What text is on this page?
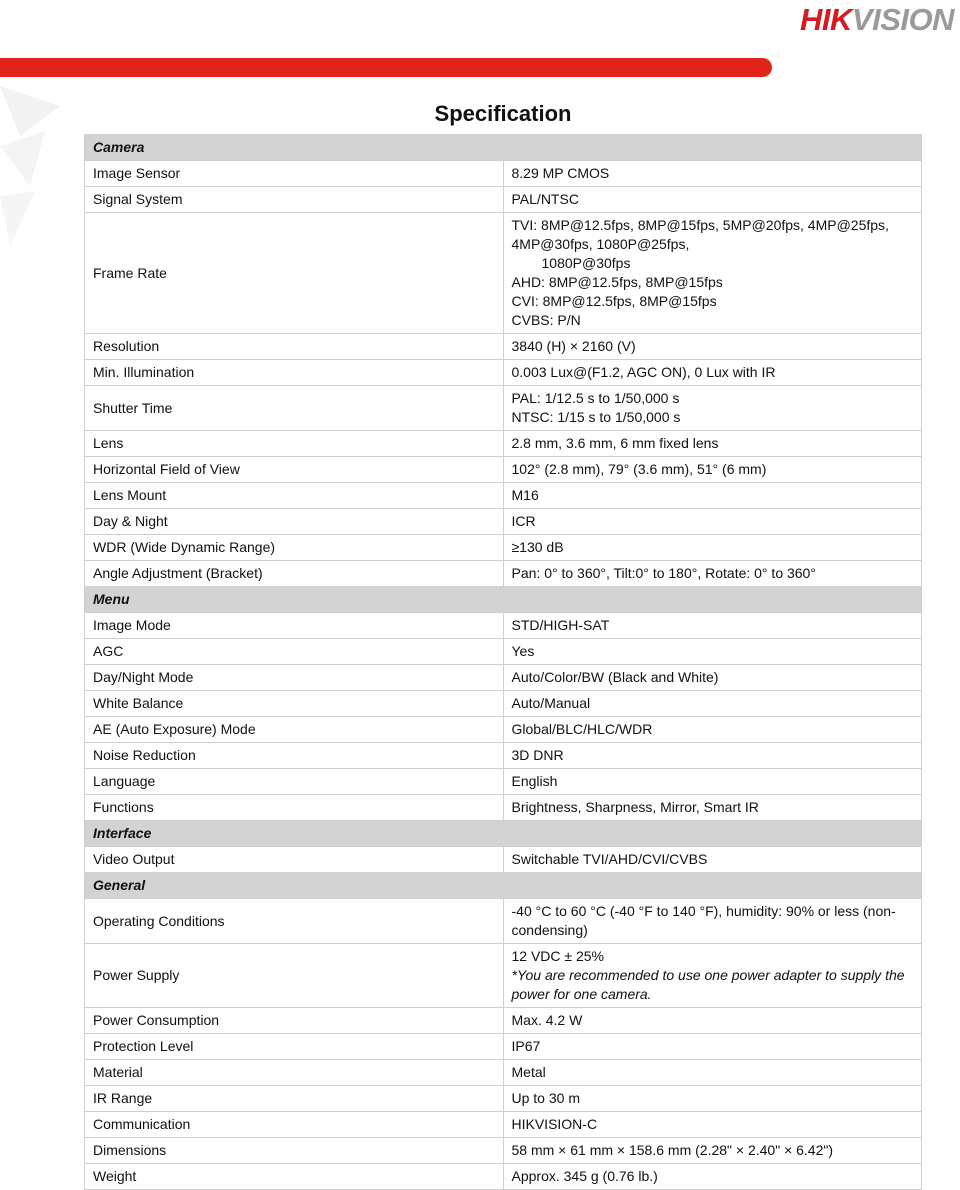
HIKVISION
Specification
Camera	
Image Sensor	8.29 MP CMOS

Signal System	PAL/NTSC

Frame Rate	TVI: 8MP@12.5fps, 8MP@15fps, 5MP@20fps, 4MP@25fps, 4MP@30fps, 1080P@25fps,
1080P@30fps
AHD: 8MP@12.5fps, 8MP@15fps
CVI: 8MP@12.5fps, 8MP@15fps
CVBS: P/N

Resolution	3840 (H) × 2160 (V)

Min. Illumination	0.003 Lux@(F1.2, AGC ON), 0 Lux with IR

Shutter Time	PAL: 1/12.5 s to 1/50,000 s
NTSC: 1/15 s to 1/50,000 s

Lens	2.8 mm, 3.6 mm, 6 mm fixed lens

Horizontal Field of View	102° (2.8 mm), 79° (3.6 mm), 51° (6 mm)

Lens Mount	M16

Day & Night	ICR

WDR (Wide Dynamic Range)	≥130 dB

Angle Adjustment (Bracket)	Pan: 0° to 360°, Tilt:0° to 180°, Rotate: 0° to 360°

Menu	
Image Mode	STD/HIGH-SAT

AGC	Yes

Day/Night Mode	Auto/Color/BW (Black and White)

White Balance	Auto/Manual

AE (Auto Exposure) Mode	Global/BLC/HLC/WDR

Noise Reduction	3D DNR

Language	English

Functions	Brightness, Sharpness, Mirror, Smart IR

Interface	
Video Output	Switchable TVI/AHD/CVI/CVBS

General	
Operating Conditions	-40 °C to 60 °C (-40 °F to 140 °F), humidity: 90% or less (non-condensing)

Power Supply	12 VDC ± 25%
*You are recommended to use one power adapter to supply the power for one camera.

Power Consumption	Max. 4.2 W

Protection Level	IP67

Material	Metal

IR Range	Up to 30 m

Communication	HIKVISION-C

Dimensions	58 mm × 61 mm × 158.6 mm (2.28" × 2.40" × 6.42")

Weight	Approx. 345 g (0.76 lb.)
